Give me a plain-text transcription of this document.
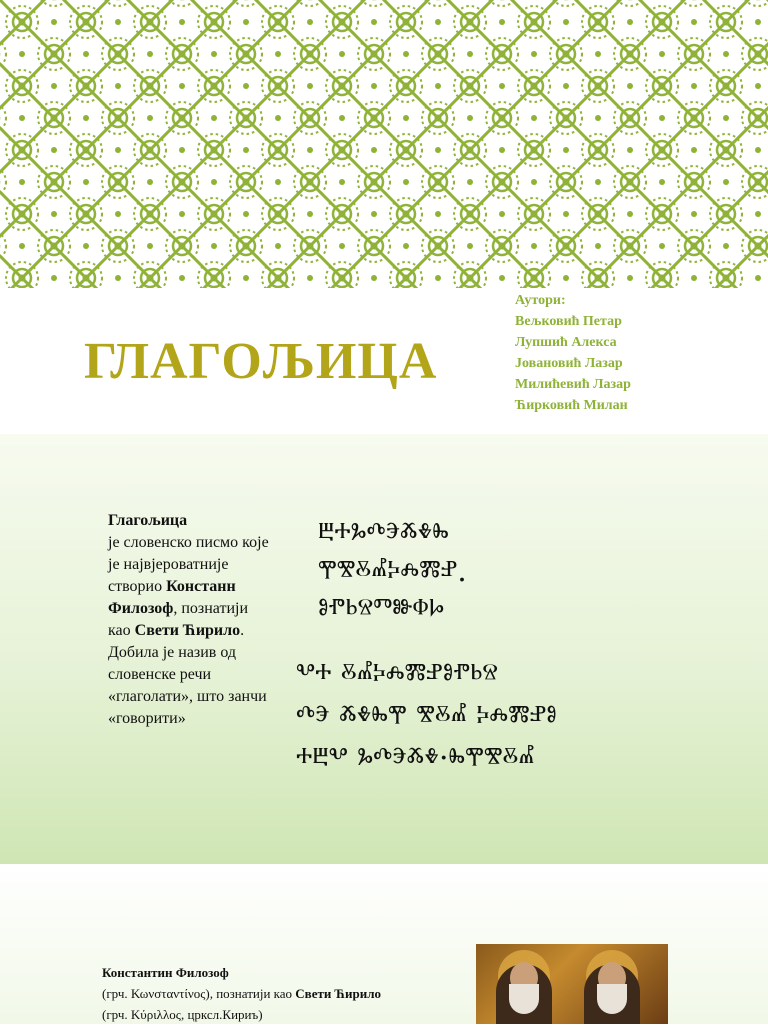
ГЛАГОЉИЦА
Аутори:
Вељковић Петар
Лупшић Алекса
Јовановић Лазар
Милићевић Лазар
Ћирковић Милан
Глагољица
је словенско писмо које је највјероватније створио Констанн Филозоф, познатији као Свети Ћирило. Добила је назив од словенске речи «глаголати», што занчи «говорити»
ⰱⰰⰳⰴⰵⰶⰷⰸ
ⰹⰺⰻⰼⰽⰾⰿⱀ.
ⱁⱂⱃⱄⱅⱆⱇⱈ
ⰲⰰ ⰻⰼⰽⰾⰿⱀⱁⱂⱃⱄ
ⰴⰵ ⰶⰷⰸⰹ ⰺⰻⰼ ⰽⰾⰿⱀⱁ
ⰰⰱⰲ ⰳⰴⰵⰶⰷ·ⰸⰹⰺⰻⰼ
Константин Филозоф
(грч. Κωνσταντίνος), познатији као Свети Ћирило (грч. Κύριλλος, црксл.Кириъ)
